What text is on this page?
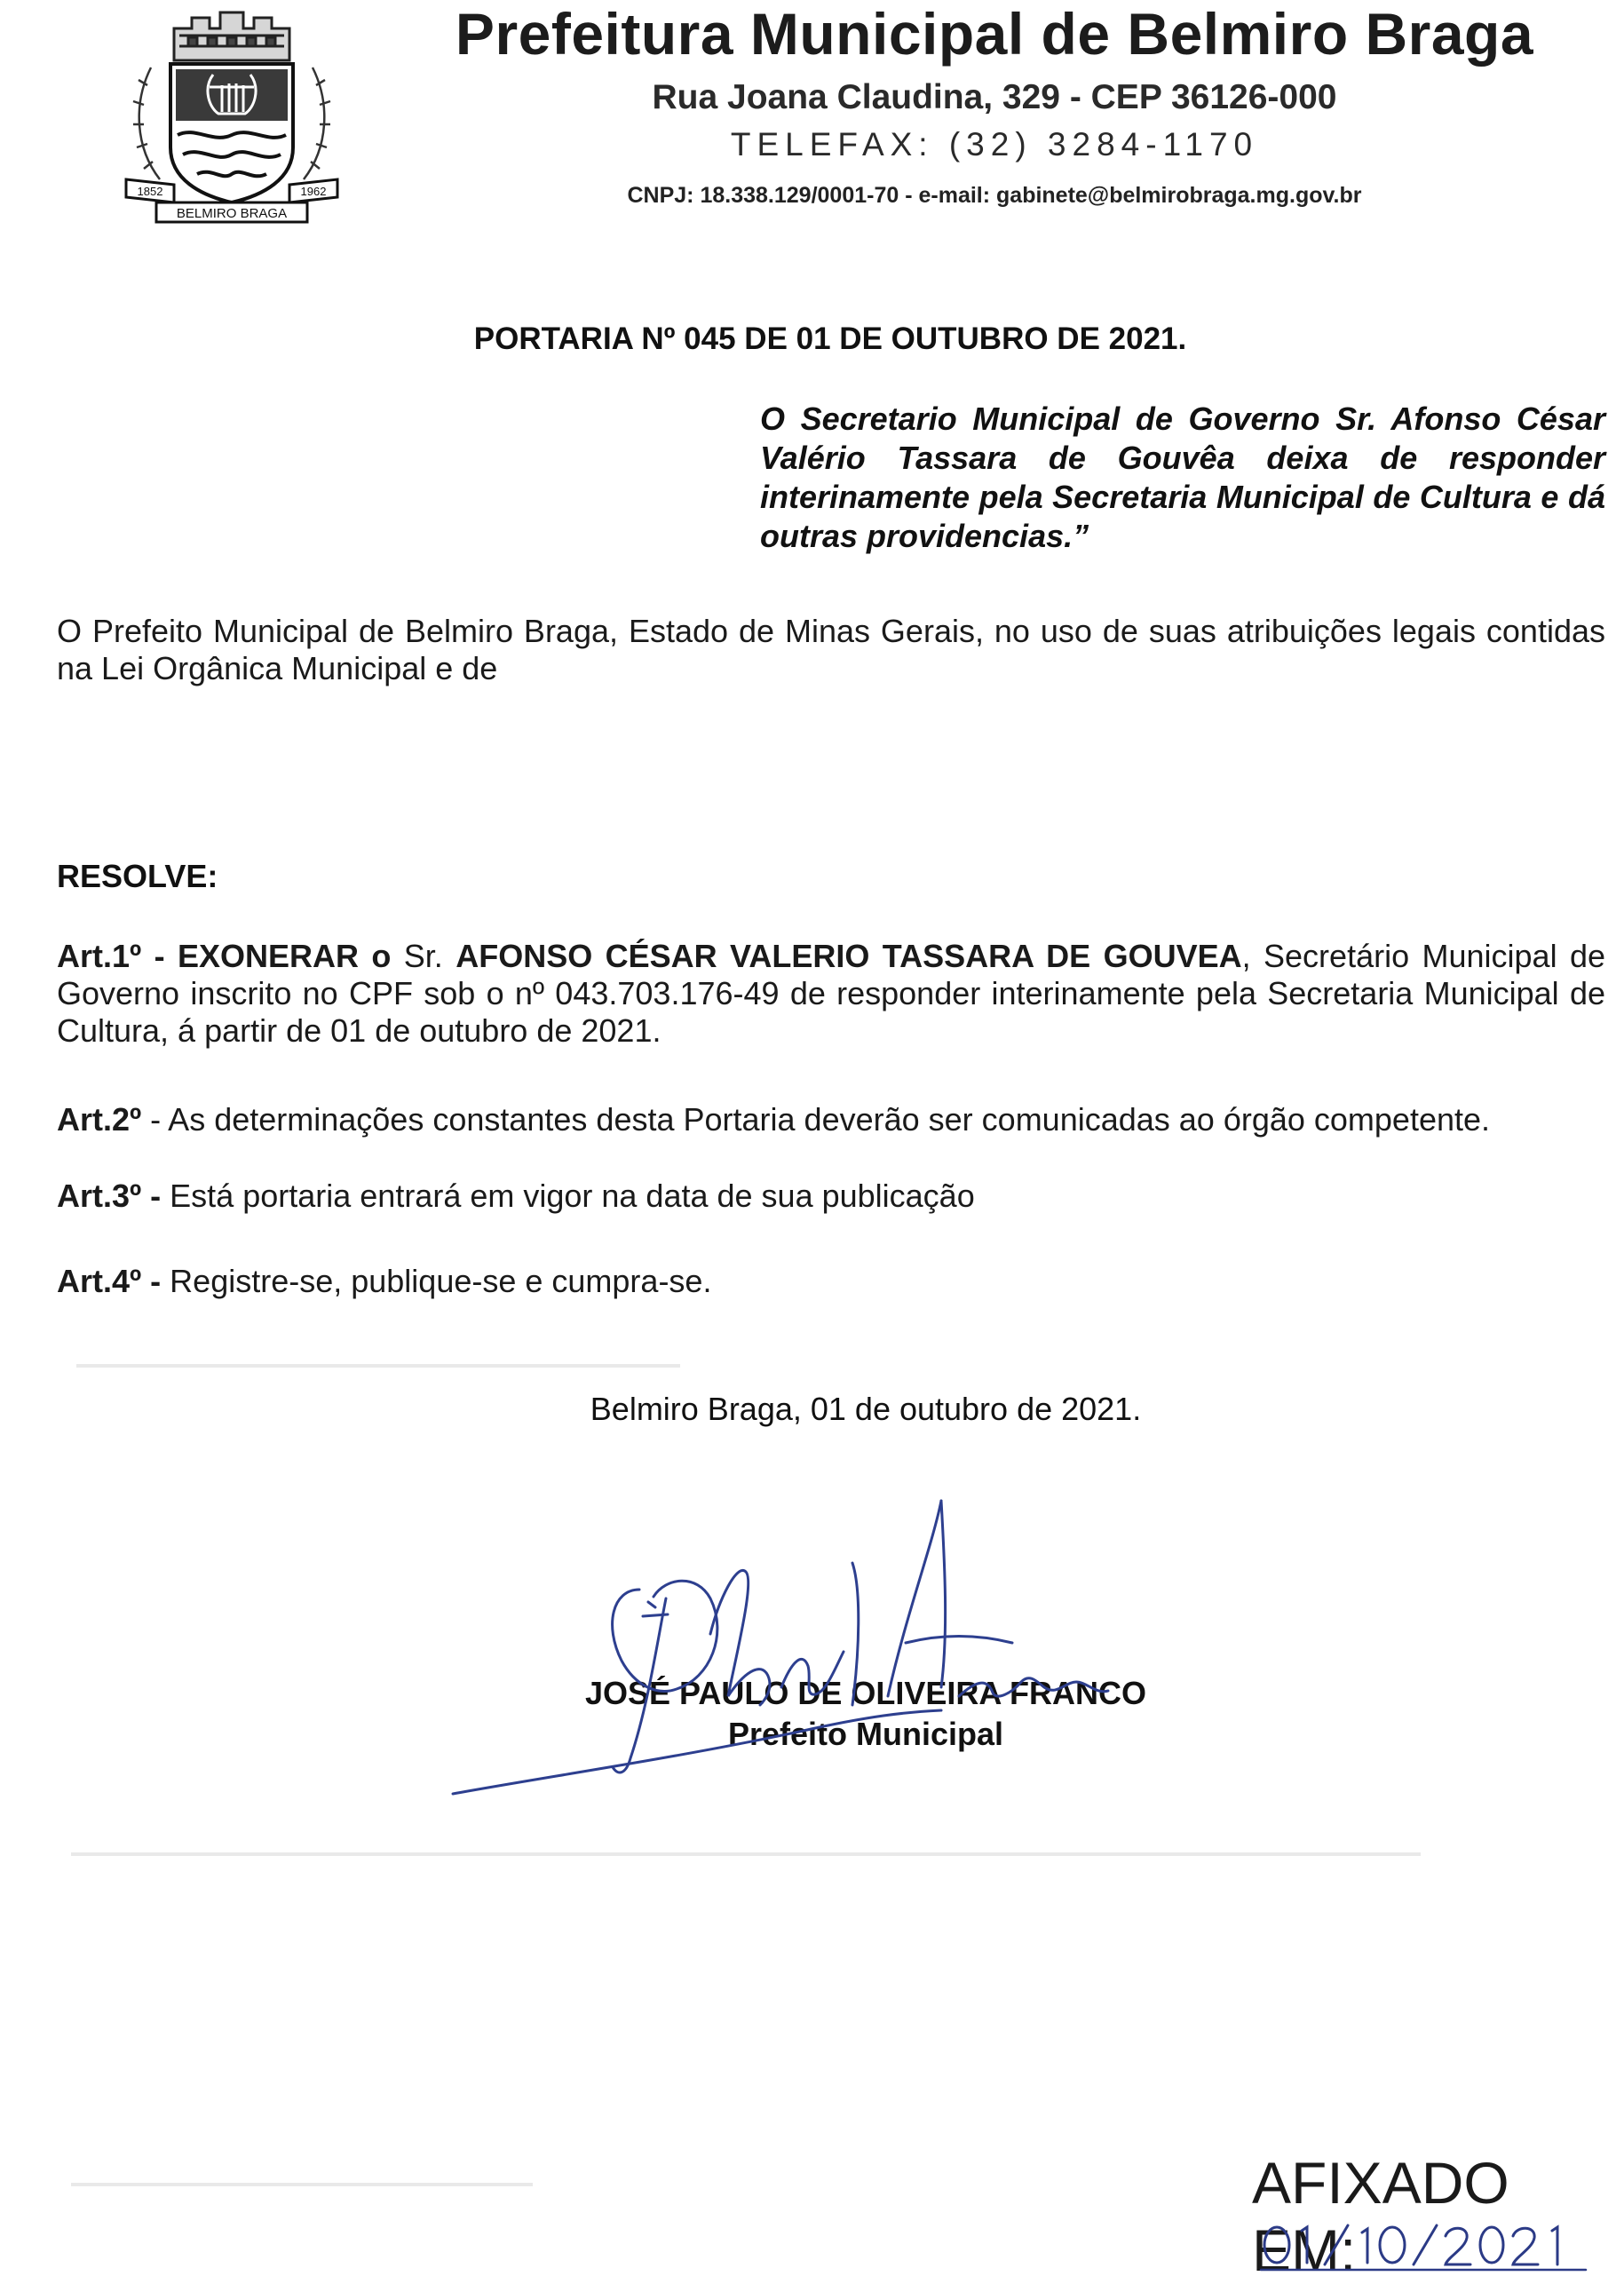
1852	1962
BELMIRO BRAGA
Prefeitura Municipal de Belmiro Braga
Rua Joana Claudina, 329 - CEP 36126-000
TELEFAX: (32) 3284-1170
CNPJ: 18.338.129/0001-70 - e-mail: gabinete@belmirobraga.mg.gov.br
PORTARIA Nº 045 DE 01 DE OUTUBRO DE 2021.
O Secretario Municipal de Governo Sr. Afonso César Valério Tassara de Gouvêa deixa de responder interinamente pela Secretaria Municipal de Cultura e dá outras providencias.”
O Prefeito Municipal de Belmiro Braga, Estado de Minas Gerais, no uso de suas atribuições legais contidas na Lei Orgânica Municipal e de
RESOLVE:
Art.1º - EXONERAR o Sr. AFONSO CÉSAR VALERIO TASSARA DE GOUVEA, Secretário Municipal de Governo inscrito no CPF sob o nº 043.703.176-49 de responder interinamente pela Secretaria Municipal de Cultura, á partir de 01 de outubro de 2021.
Art.2º - As determinações constantes desta Portaria deverão ser comunicadas ao órgão competente.
Art.3º - Está portaria entrará em vigor na data de sua publicação
Art.4º - Registre-se, publique-se e cumpra-se.
Belmiro Braga, 01 de outubro de 2021.
JOSÉ PAULO DE OLIVEIRA FRANCO
Prefeito Municipal
AFIXADO EM:
